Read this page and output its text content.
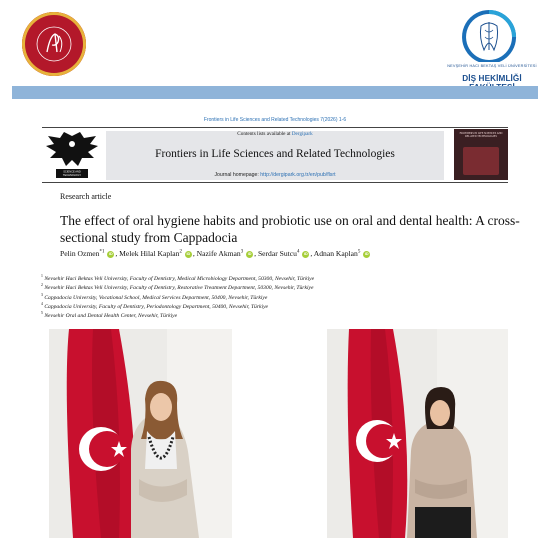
NEVŞEHİR HACI BEKTAŞ VELİ ÜNİVERSİTESİ
DİŞ HEKİMLİĞİ
Frontiers in Life Sciences and Related Technologies 7(2026) 1-6
SCIENCE AND
TECHNOLOGY
Contents lists available at Dergipark
Frontiers in Life Sciences and Related Technologies
Journal homepage: http://dergipark.org.tr/en/pub/flsrt
FRONTIERS IN LIFE SCIENCES AND RELATED TECHNOLOGIES
Research article
The effect of oral hygiene habits and probiotic use on oral and dental health: A cross-sectional study from Cappadocia
Pelin Ozmen$^{*1}$ iD , Melek Hilal Kaplan$^2$ iD , Nazife Akman$^3$ iD , Serdar Sutcu$^4$ iD , Adnan Kaplan$^5$ iD
$^1$ Nevsehir Haci Bektas Veli University, Faculty of Dentistry, Medical Microbiology Department, 50300, Nevsehir, Türkiye
$^2$ Nevsehir Haci Bektas Veli University, Faculty of Dentistry, Restorative Treatment Department, 50300, Nevsehir, Türkiye
$^3$ Cappadocia University, Vocational School, Medical Services Department, 50400, Nevsehir, Türkiye
$^4$ Cappadocia University, Faculty of Dentistry, Periodontology Department, 50400, Nevsehir, Türkiye
$^5$ Nevsehir Oral and Dental Health Center, Nevsehir, Türkiye
